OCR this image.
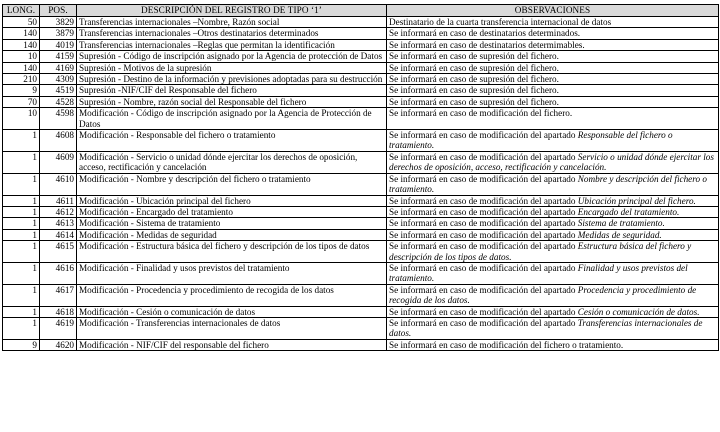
LONG.	POS.	DESCRIPCIÓN DEL REGISTRO DE TIPO ‘1’	OBSERVACIONES
50	3829	Transferencias internacionales –Nombre, Razón social	Destinatario de la cuarta transferencia internacional de datos
140	3879	Transferencias internacionales –Otros destinatarios determinados	Se informará en caso de destinatarios determinados.
140	4019	Transferencias internacionales –Reglas que permitan la identificación	Se informará en caso de destinatarios determimables.
10	4159	Supresión - Código de inscripción asignado por la Agencia de protección de Datos	Se informará en caso de supresión del fichero.
140	4169	Supresión - Motivos de la supresión	Se informará en caso de supresión del fichero.
210	4309	Supresión - Destino de la información y previsiones adoptadas para su destrucción	Se informará en caso de supresión del fichero.
9	4519	Supresión -NIF/CIF del Responsable del fichero	Se informará en caso de supresión del fichero.
70	4528	Supresión - Nombre, razón social del Responsable del fichero	Se informará en caso de supresión del fichero.
10	4598	Modificación - Código de inscripción asignado por la Agencia de Protección de Datos	Se informará en caso de modificación del fichero.
1	4608	Modificación - Responsable del fichero o tratamiento	Se informará en caso de modificación del apartado Responsable del fichero o tratamiento.
1	4609	Modificación - Servicio o unidad dónde ejercitar los derechos de oposición, acceso, rectificación y cancelación	Se informará en caso de modificación del apartado Servicio o unidad dónde ejercitar los derechos de oposición, acceso, rectificación y cancelación.
1	4610	Modificación - Nombre y descripción del fichero o tratamiento	Se informará en caso de modificación del apartado Nombre y descripción del fichero o tratamiento.
1	4611	Modificación - Ubicación principal del fichero	Se informará en caso de modificación del apartado Ubicación principal del fichero.
1	4612	Modificación - Encargado del tratamiento	Se informará en caso de modificación del apartado Encargado del tratamiento.
1	4613	Modificación - Sistema de tratamiento	Se informará en caso de modificación del apartado Sistema de tratamiento.
1	4614	Modificación - Medidas de seguridad	Se informará en caso de modificación del apartado Medidas de seguridad.
1	4615	Modificación - Estructura básica del fichero y descripción de los tipos de datos	Se informará en caso de modificación del apartado Estructura básica del fichero y descripción de los tipos de datos.
1	4616	Modificación - Finalidad y usos previstos del tratamiento	Se informará en caso de modificación del apartado Finalidad y usos previstos del tratamiento.
1	4617	Modificación - Procedencia y procedimiento de recogida de los datos	Se informará en caso de modificación del apartado Procedencia y procedimiento de recogida de los datos.
1	4618	Modificación - Cesión o comunicación de datos	Se informará en caso de modificación del apartado Cesión o comunicación de datos.
1	4619	Modificación - Transferencias internacionales de datos	Se informará en caso de modificación del apartado Transferencias internacionales de datos.
9	4620	Modificación - NIF/CIF del responsable del fichero	Se informará en caso de modificación del fichero o tratamiento.
